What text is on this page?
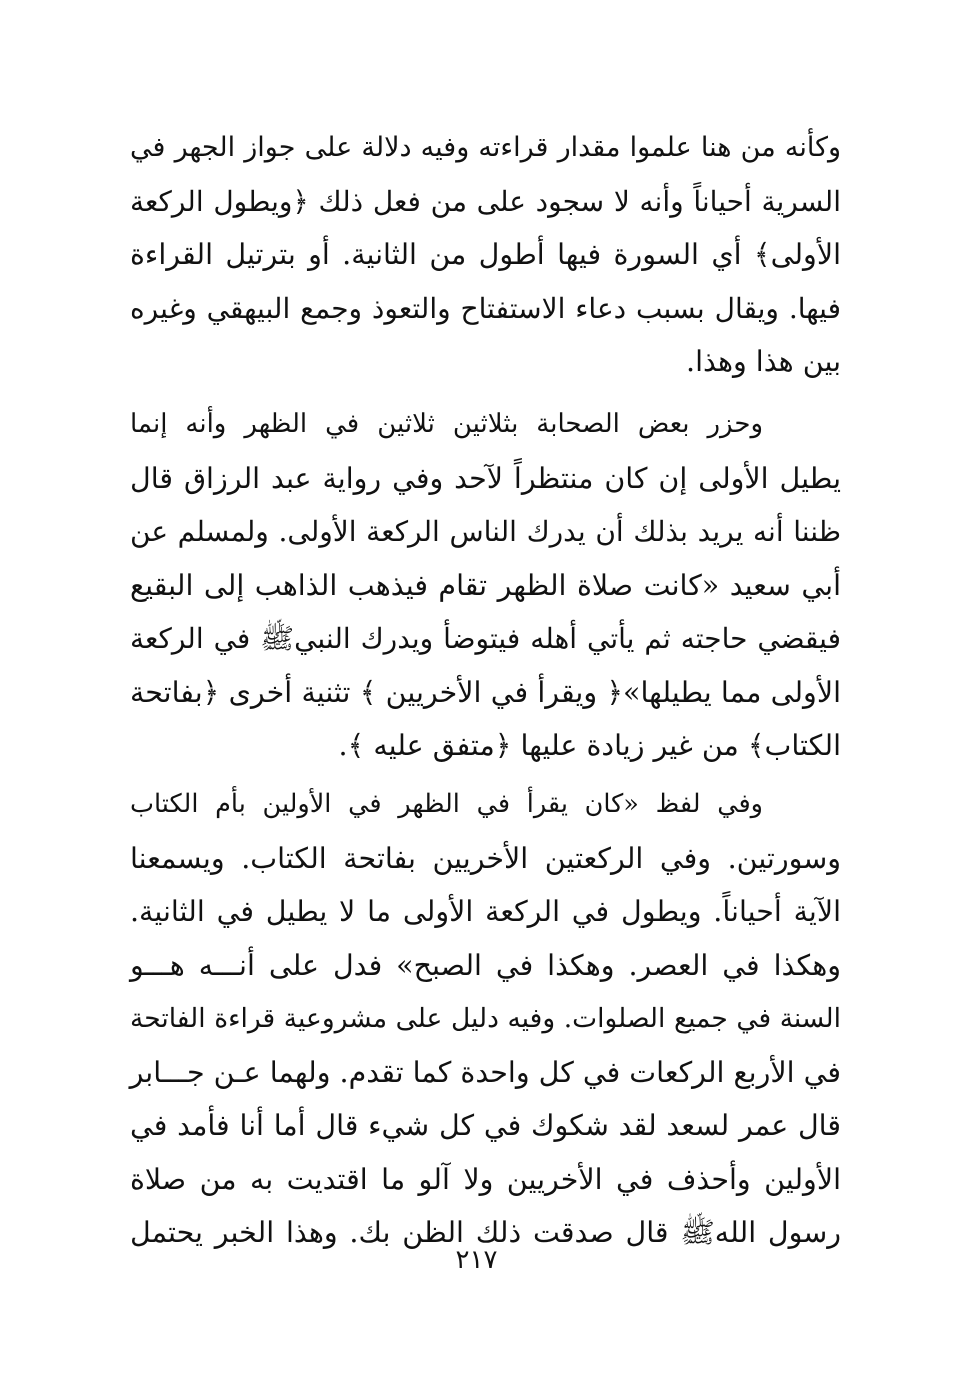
وكأنه من هنا علموا مقدار قراءته وفيه دلالة على جواز الجهر في
السرية أحياناً وأنه لا سجود على من فعل ذلك ﴿ويطول الركعة
الأولى﴾ أي السورة فيها أطول من الثانية. أو بترتيل القراءة
فيها. ويقال بسبب دعاء الاستفتاح والتعوذ وجمع البيهقي وغيره
بين هذا وهذا.
وحزر بعض الصحابة بثلاثين ثلاثين في الظهر وأنه إنما
يطيل الأولى إن كان منتظراً لآحد وفي رواية عبد الرزاق قال
ظننا أنه يريد بذلك أن يدرك الناس الركعة الأولى. ولمسلم عن
أبي سعيد «كانت صلاة الظهر تقام فيذهب الذاهب إلى البقيع
فيقضي حاجته ثم يأتي أهله فيتوضأ ويدرك النبيﷺ في الركعة
الأولى مما يطيلها»﴿ ويقرأ في الأخريين ﴾ تثنية أخرى ﴿بفاتحة
الكتاب﴾ من غير زيادة عليها ﴿متفق عليه ﴾.
وفي لفظ «كان يقرأ في الظهر في الأولين بأم الكتاب
وسورتين. وفي الركعتين الأخريين بفاتحة الكتاب. ويسمعنا
الآية أحياناً. ويطول في الركعة الأولى ما لا يطيل في الثانية.
وهكذا في العصر. وهكذا في الصبح» فدل على أنـــه هـــو
السنة في جميع الصلوات. وفيه دليل على مشروعية قراءة الفاتحة
في الأربع الركعات في كل واحدة كما تقدم. ولهما عـن جـــابر
قال عمر لسعد لقد شكوك في كل شيء قال أما أنا فأمد في
الأولين وأحذف في الأخريين ولا آلو ما اقتديت به من صلاة
رسول اللهﷺ قال صدقت ذلك الظن بك. وهذا الخبر يحتمل
٢١٧
